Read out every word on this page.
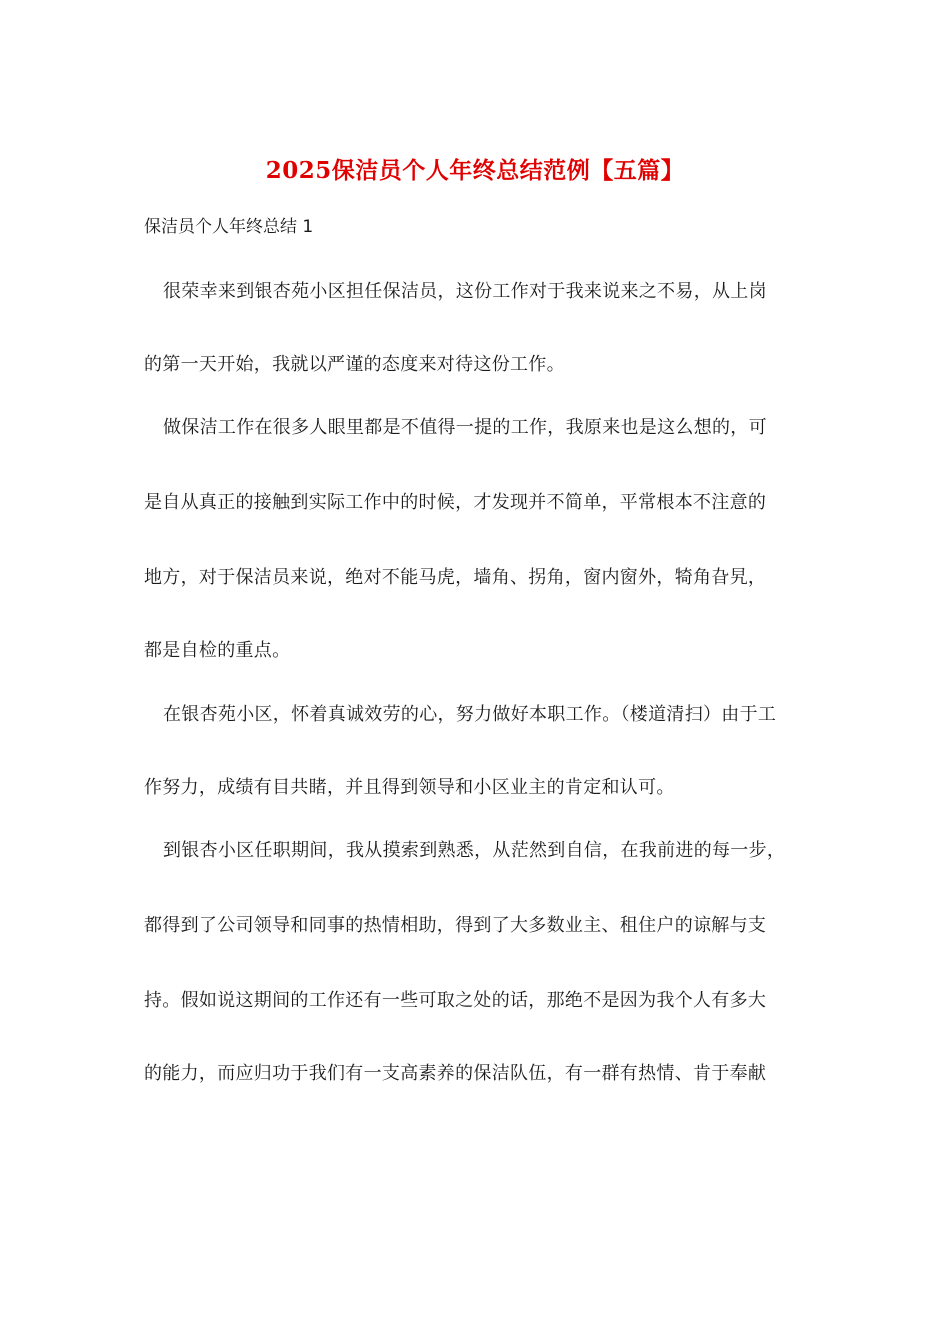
2025保洁员个人年终总结范例【五篇】
保洁员个人年终总结 1
很荣幸来到银杏苑小区担任保洁员，这份工作对于我来说来之不易，从上岗
的第一天开始，我就以严谨的态度来对待这份工作。
做保洁工作在很多人眼里都是不值得一提的工作，我原来也是这么想的，可
是自从真正的接触到实际工作中的时候，才发现并不简单，平常根本不注意的
地方，对于保洁员来说，绝对不能马虎，墙角、拐角，窗内窗外，犄角旮旯，
都是自检的重点。
在银杏苑小区，怀着真诚效劳的心，努力做好本职工作。（楼道清扫）由于工
作努力，成绩有目共睹，并且得到领导和小区业主的肯定和认可。
到银杏小区任职期间，我从摸索到熟悉，从茫然到自信，在我前进的每一步，
都得到了公司领导和同事的热情相助，得到了大多数业主、租住户的谅解与支
持。假如说这期间的工作还有一些可取之处的话，那绝不是因为我个人有多大
的能力，而应归功于我们有一支高素养的保洁队伍，有一群有热情、肯于奉献
